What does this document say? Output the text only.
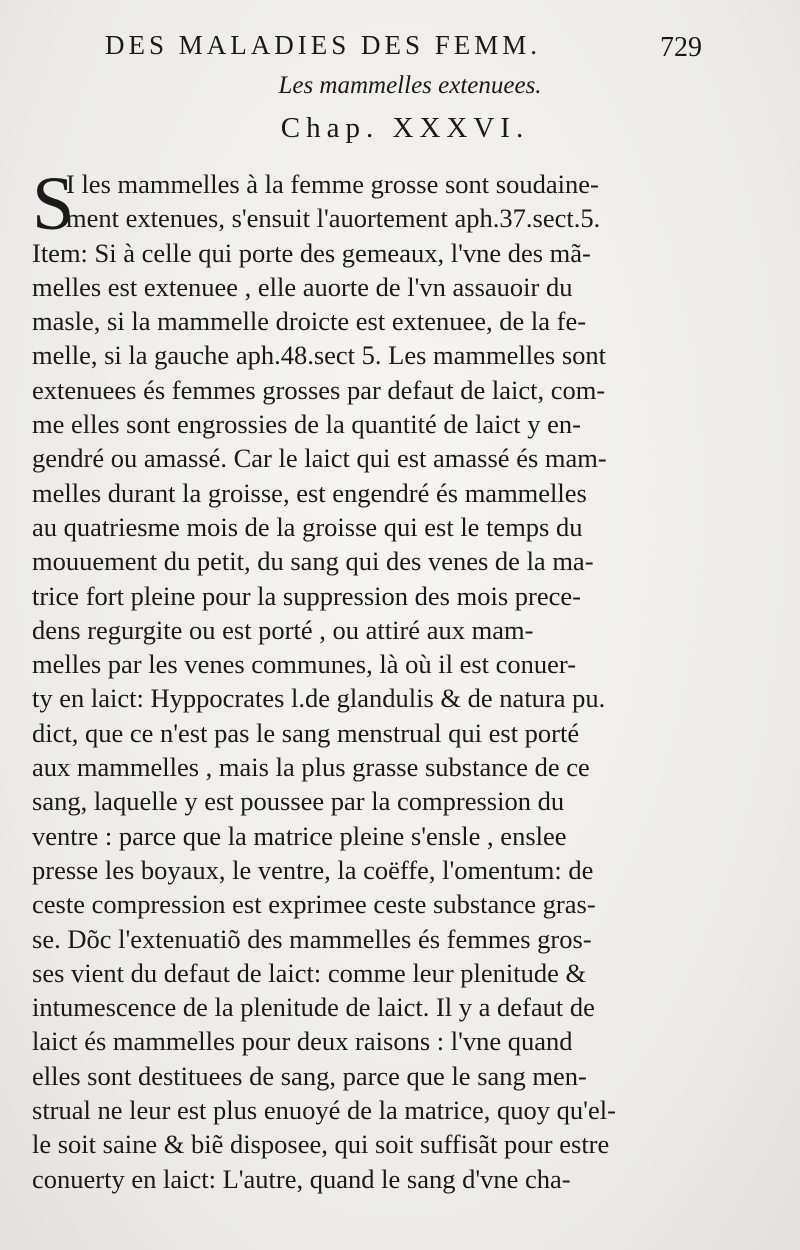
DES MALADIES DES FEMM.	729
Les mammelles extenuees.
Chap. XXXVI.
S
I les mammelles à la femme grosse sont soudaine-
ment extenues, s'ensuit l'auortement aph.37.sect.5.
Item: Si à celle qui porte des gemeaux, l'vne des mã-
melles est extenuee , elle auorte de l'vn assauoir du
masle, si la mammelle droicte est extenuee, de la fe-
melle, si la gauche aph.48.sect 5. Les mammelles sont
extenuees és femmes grosses par defaut de laict, com-
me elles sont engrossies de la quantité de laict y en-
gendré ou amassé. Car le laict qui est amassé és mam-
melles durant la groisse, est engendré és mammelles
au quatriesme mois de la groisse qui est le temps du
mouuement du petit, du sang qui des venes de la ma-
trice fort pleine pour la suppression des mois prece-
dens regurgite ou est porté , ou attiré aux mam-
melles par les venes communes, là où il est conuer-
ty en laict: Hyppocrates l.de glandulis & de natura pu.
dict, que ce n'est pas le sang menstrual qui est porté
aux mammelles , mais la plus grasse substance de ce
sang, laquelle y est poussee par la compression du
ventre : parce que la matrice pleine s'ensle , enslee
presse les boyaux, le ventre, la coëffe, l'omentum: de
ceste compression est exprimee ceste substance gras-
se. Dõc l'extenuatiõ des mammelles és femmes gros-
ses vient du defaut de laict: comme leur plenitude &
intumescence de la plenitude de laict. Il y a defaut de
laict és mammelles pour deux raisons : l'vne quand
elles sont destituees de sang, parce que le sang men-
strual ne leur est plus enuoyé de la matrice, quoy qu'el-
le soit saine & biẽ disposee, qui soit suffisãt pour estre
conuerty en laict: L'autre, quand le sang d'vne cha-
